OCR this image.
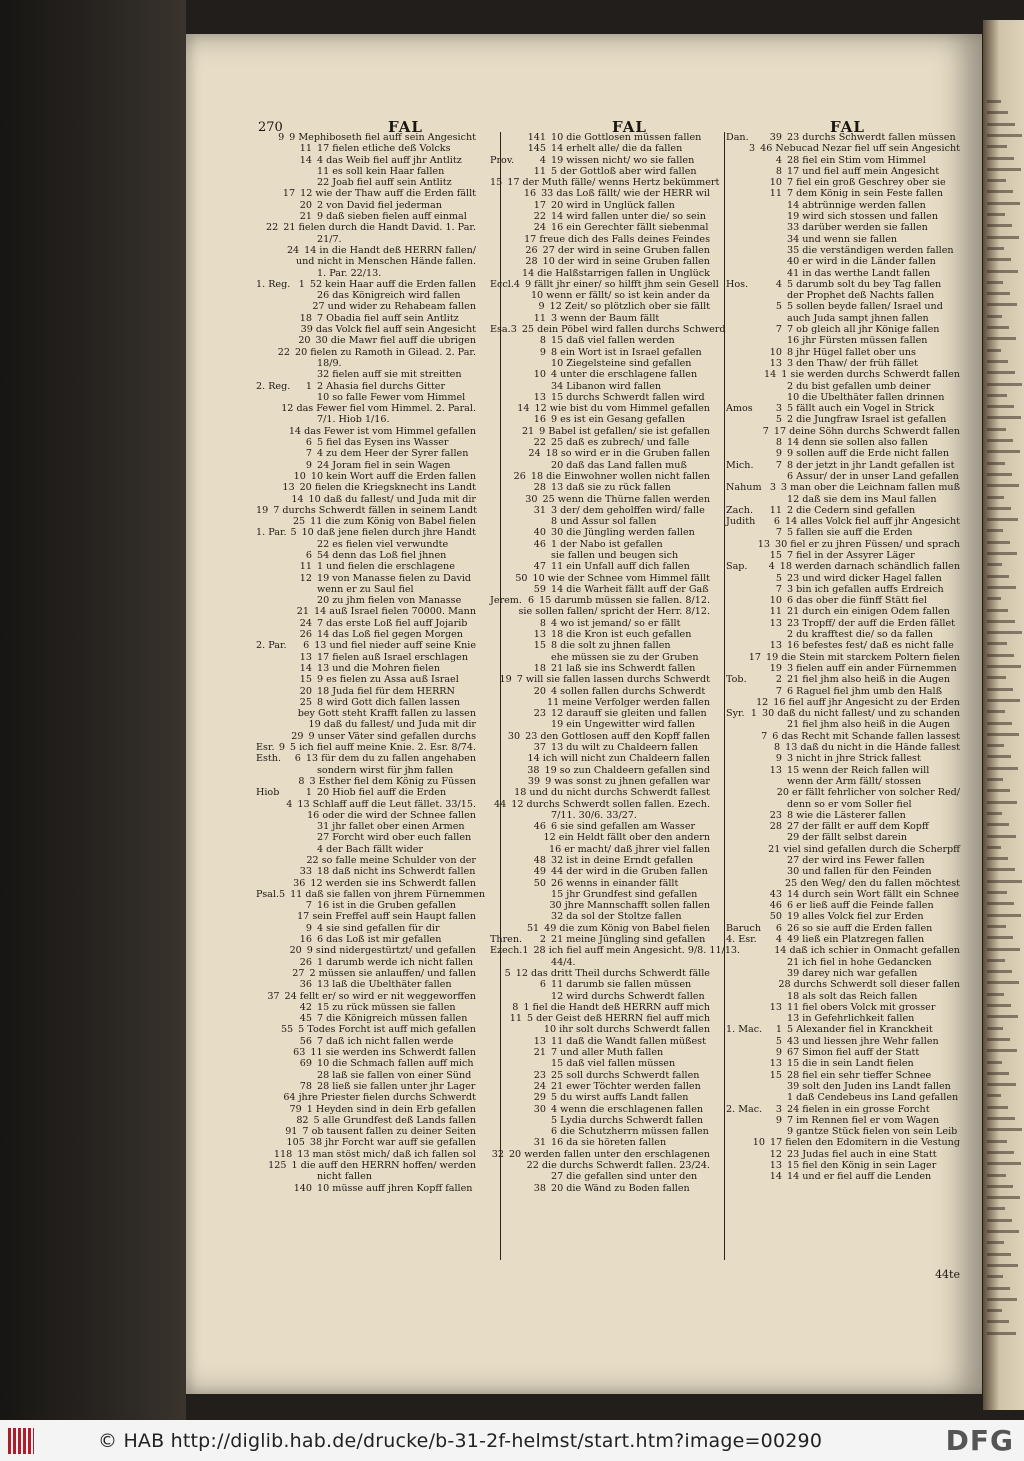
270	FAL	FAL	FAL
9 9 Mephiboseth fiel auff sein Angesicht
11 17 fielen etliche deß Volcks
14 4 das Weib fiel auff jhr Antlitz
11 es soll kein Haar fallen
22 Joab fiel auff sein Antlitz
17 12 wie der Thaw auff die Erden fällt
20 2 von David fiel jederman
21 9 daß sieben fielen auff einmal
22 21 fielen durch die Handt David. 1. Par.
21/7.
24 14 in die Handt deß HERRN fallen/
und nicht in Menschen Hände fallen.
1. Par. 22/13.
1. Reg. 1 52 kein Haar auff die Erden fallen
26 das Königreich wird fallen
27 und wider zu Rehabeam fallen
18 7 Obadia fiel auff sein Antlitz
39 das Volck fiel auff sein Angesicht
20 30 die Mawr fiel auff die ubrigen
22 20 fielen zu Ramoth in Gilead. 2. Par.
18/9.
32 fielen auff sie mit streitten
2. Reg.	1 2 Ahasia fiel durchs Gitter
10 so falle Fewer vom Himmel
12 das Fewer fiel vom Himmel. 2. Paral.
7/1. Hiob 1/16.
14 das Fewer ist vom Himmel gefallen
6 5 fiel das Eysen ins Wasser
7 4 zu dem Heer der Syrer fallen
9 24 Joram fiel in sein Wagen
10 10 kein Wort auff die Erden fallen
13 20 fielen die Kriegsknecht ins Landt
14 10 daß du fallest/ und Juda mit dir
19 7 durchs Schwerdt fällen in seinem Landt
25 11 die zum König von Babel fielen
1. Par. 5 10 daß jene fielen durch jhre Handt
22 es fielen viel verwundte
6 54 denn das Loß fiel jhnen
11 1 und fielen die erschlagene
12 19 von Manasse fielen zu David
wenn er zu Saul fiel
20 zu jhm fielen von Manasse
21 14 auß Israel fielen 70000. Mann
24 7 das erste Loß fiel auff Jojarib
26 14 das Loß fiel gegen Morgen
2. Par.	6 13 und fiel nieder auff seine Knie
13 17 fielen auß Israel erschlagen
14 13 und die Mohren fielen
15 9 es fielen zu Assa auß Israel
20 18 Juda fiel für dem HERRN
25 8 wird Gott dich fallen lassen
bey Gott steht Krafft fallen zu lassen
19 daß du fallest/ und Juda mit dir
29 9 unser Väter sind gefallen durchs
Esr. 9 5 ich fiel auff meine Knie. 2. Esr. 8/74.
Esth.	6 13 für dem du zu fallen angehaben
sondern wirst für jhm fallen
8 3 Esther fiel dem König zu Füssen
Hiob	1 20 Hiob fiel auff die Erden
4 13 Schlaff auff die Leut fället. 33/15.
16 oder die wird der Schnee fallen
31 jhr fallet ober einen Armen
27 Forcht wird ober euch fallen
4 der Bach fällt wider
22 so falle meine Schulder von der
33 18 daß nicht ins Schwerdt fallen
36 12 werden sie ins Schwerdt fallen
Psal. 5 11 daß sie fallen von jhrem Fürnemmen
7 16 ist in die Gruben gefallen
17 sein Freffel auff sein Haupt fallen
9 4 sie sind gefallen für dir
16 6 das Loß ist mir gefallen
20 9 sind nidergestürtzt/ und gefallen
26 1 darumb werde ich nicht fallen
27 2 müssen sie anlauffen/ und fallen
36 13 laß die Ubelthäter fallen
37 24 fellt er/ so wird er nit weggeworffen
42 15 zu rück müssen sie fallen
45 7 die Königreich müssen fallen
55 5 Todes Forcht ist auff mich gefallen
56 7 daß ich nicht fallen werde
63 11 sie werden ins Schwerdt fallen
69 10 die Schmach fallen auff mich
28 laß sie fallen von einer Sünd
78 28 ließ sie fallen unter jhr Lager
64 jhre Priester fielen durchs Schwerdt
79 1 Heyden sind in dein Erb gefallen
82 5 alle Grundfest deß Lands fallen
91 7 ob tausent fallen zu deiner Seiten
105 38 jhr Forcht war auff sie gefallen
118 13 man stöst mich/ daß ich fallen sol
125 1 die auff den HERRN hoffen/ werden
nicht fallen
140 10 müsse auff jhren Kopff fallen
141 10 die Gottlosen müssen fallen
145 14 erhelt alle/ die da fallen
Prov.	4 19 wissen nicht/ wo sie fallen
11 5 der Gottloß aber wird fallen
15 17 der Muth fälle/ wenns Hertz bekümmert
16 33 das Loß fällt/ wie der HERR wil
17 20 wird in Unglück fallen
22 14 wird fallen unter die/ so sein
24 16 ein Gerechter fällt siebenmal
17 freue dich des Falls deines Feindes
26 27 der wird in seine Gruben fallen
28 10 der wird in seine Gruben fallen
14 die Halßstarrigen fallen in Unglück
Eccl. 4 9 fällt jhr einer/ so hilfft jhm sein Gesell
10 wenn er fällt/ so ist kein ander da
9 12 Zeit/ so plötzlich ober sie fällt
11 3 wenn der Baum fällt
Esa. 3 25 dein Pöbel wird fallen durchs Schwerd
8 15 daß viel fallen werden
9 8 ein Wort ist in Israel gefallen
10 Ziegelsteine sind gefallen
10 4 unter die erschlagene fallen
34 Libanon wird fallen
13 15 durchs Schwerdt fallen wird
14 12 wie bist du vom Himmel gefallen
16 9 es ist ein Gesang gefallen
21 9 Babel ist gefallen/ sie ist gefallen
22 25 daß es zubrech/ und falle
24 18 so wird er in die Gruben fallen
20 daß das Land fallen muß
26 18 die Einwohner wollen nicht fallen
28 13 daß sie zu rück fallen
30 25 wenn die Thürne fallen werden
31 3 der/ dem geholffen wird/ falle
8 und Assur sol fallen
40 30 die Jüngling werden fallen
46 1 der Nabo ist gefallen
sie fallen und beugen sich
47 11 ein Unfall auff dich fallen
50 10 wie der Schnee vom Himmel fällt
59 14 die Warheit fällt auff der Gaß
Jerem. 6 15 darumb müssen sie fallen. 8/12.
sie sollen fallen/ spricht der Herr. 8/12.
8 4 wo ist jemand/ so er fällt
13 18 die Kron ist euch gefallen
15 8 die solt zu jhnen fallen
ehe müssen sie zu der Gruben
18 21 laß sie ins Schwerdt fallen
19 7 will sie fallen lassen durchs Schwerdt
20 4 sollen fallen durchs Schwerdt
11 meine Verfolger werden fallen
23 12 darauff sie gleiten und fallen
19 ein Ungewitter wird fallen
30 23 den Gottlosen auff den Kopff fallen
37 13 du wilt zu Chaldeern fallen
14 ich will nicht zun Chaldeern fallen
38 19 so zun Chaldeern gefallen sind
39 9 was sonst zu jhnen gefallen war
18 und du nicht durchs Schwerdt fallest
44 12 durchs Schwerdt sollen fallen. Ezech.
7/11. 30/6. 33/27.
46 6 sie sind gefallen am Wasser
12 ein Heldt fällt ober den andern
16 er macht/ daß jhrer viel fallen
48 32 ist in deine Erndt gefallen
49 44 der wird in die Gruben fallen
50 26 wenns in einander fällt
15 jhr Grundfest sind gefallen
30 jhre Mannschafft sollen fallen
32 da sol der Stoltze fallen
51 49 die zum König von Babel fielen
Thren.	2 21 meine Jüngling sind gefallen
Ezech. 1 28 ich fiel auff mein Angesicht. 9/8. 11/13.
44/4.
5 12 das dritt Theil durchs Schwerdt fälle
6 11 darumb sie fallen müssen
12 wird durchs Schwerdt fallen
8 1 fiel die Handt deß HERRN auff mich
11 5 der Geist deß HERRN fiel auff mich
10 ihr solt durchs Schwerdt fallen
13 11 daß die Wandt fallen müßest
21 7 und aller Muth fallen
15 daß viel fallen müssen
23 25 soll durchs Schwerdt fallen
24 21 ewer Töchter werden fallen
29 5 du wirst auffs Landt fallen
30 4 wenn die erschlagenen fallen
5 Lydia durchs Schwerdt fallen
6 die Schutzherrn müssen fallen
31 16 da sie höreten fallen
32 20 werden fallen unter den erschlagenen
22 die durchs Schwerdt fallen. 23/24.
27 die gefallen sind unter den
38 20 die Wänd zu Boden fallen
Dan.	39 23 durchs Schwerdt fallen müssen
3 46 Nebucad Nezar fiel uff sein Angesicht
4 28 fiel ein Stim vom Himmel
8 17 und fiel auff mein Angesicht
10 7 fiel ein groß Geschrey ober sie
11 7 dem König in sein Feste fallen
14 abtrünnige werden fallen
19 wird sich stossen und fallen
33 darüber werden sie fallen
34 und wenn sie fallen
35 die verständigen werden fallen
40 er wird in die Länder fallen
41 in das werthe Landt fallen
Hos.	4 5 darumb solt du bey Tag fallen
der Prophet deß Nachts fallen
5 5 sollen beyde fallen/ Israel und
auch Juda sampt jhnen fallen
7 7 ob gleich all jhr Könige fallen
16 jhr Fürsten müssen fallen
10 8 jhr Hügel fallet ober uns
13 3 den Thaw/ der früh fället
14 1 sie werden durchs Schwerdt fallen
2 du bist gefallen umb deiner
10 die Ubelthäter fallen drinnen
Amos	3 5 fällt auch ein Vogel in Strick
5 2 die Jungfraw Israel ist gefallen
7 17 deine Söhn durchs Schwerdt fallen
8 14 denn sie sollen also fallen
9 9 sollen auff die Erde nicht fallen
Mich.	7 8 der jetzt in jhr Landt gefallen ist
6 Assur/ der in unser Land gefallen
Nahum 3 3 man ober die Leichnam fallen muß
12 daß sie dem ins Maul fallen
Zach.	11 2 die Cedern sind gefallen
Judith	6 14 alles Volck fiel auff jhr Angesicht
7 5 fallen sie auff die Erden
13 30 fiel er zu jhren Füssen/ und sprach
15 7 fiel in der Assyrer Läger
Sap.	4 18 werden darnach schändlich fallen
5 23 und wird dicker Hagel fallen
7 3 bin ich gefallen auffs Erdreich
10 6 das ober die fünff Stätt fiel
11 21 durch ein einigen Odem fallen
13 23 Tropff/ der auff die Erden fället
2 du krafftest die/ so da fallen
13 16 befestes fest/ daß es nicht falle
17 19 die Stein mit starckem Poltern fielen
19 3 fielen auff ein ander Fürnemmen
Tob.	2 21 fiel jhm also heiß in die Augen
7 6 Raguel fiel jhm umb den Halß
12 16 fiel auff jhr Angesicht zu der Erden
Syr. 1 30 daß du nicht fallest/ und zu schanden
21 fiel jhm also heiß in die Augen
7 6 das Recht mit Schande fallen lassest
8 13 daß du nicht in die Hände fallest
9 3 nicht in jhre Strick fallest
13 15 wenn der Reich fallen will
wenn der Arm fällt/ stossen
20 er fällt fehrlicher von solcher Red/
denn so er vom Soller fiel
23 8 wie die Lästerer fallen
28 27 der fällt er auff dem Kopff
29 der fällt selbst darein
21 viel sind gefallen durch die Scherpff
27 der wird ins Fewer fallen
30 und fallen für den Feinden
25 den Weg/ den du fallen möchtest
43 14 durch sein Wort fällt ein Schnee
46 6 er ließ auff die Feinde fallen
50 19 alles Volck fiel zur Erden
Baruch	6 26 so sie auff die Erden fallen
4. Esr.	4 49 ließ ein Platzregen fallen
14 daß ich schier in Onmacht gefallen
21 ich fiel in hohe Gedancken
39 darey nich war gefallen
28 durchs Schwerdt soll dieser fallen
18 als solt das Reich fallen
13 11 fiel obers Volck mit grosser
13 in Gefehrlichkeit fallen
1. Mac.	1 5 Alexander fiel in Kranckheit
5 43 und liessen jhre Wehr fallen
9 67 Simon fiel auff der Statt
13 15 die in sein Landt fielen
15 28 fiel ein sehr tieffer Schnee
39 solt den Juden ins Landt fallen
1 daß Cendebeus ins Land gefallen
2. Mac.	3 24 fielen in ein grosse Forcht
9 7 im Rennen fiel er vom Wagen
9 gantze Stück fielen von sein Leib
10 17 fielen den Edomitern in die Vestung
12 23 Judas fiel auch in eine Statt
13 15 fiel den König in sein Lager
14 14 und er fiel auff die Lenden
44te
© HAB http://diglib.hab.de/drucke/b-31-2f-helmst/start.htm?image=00290	DFG
